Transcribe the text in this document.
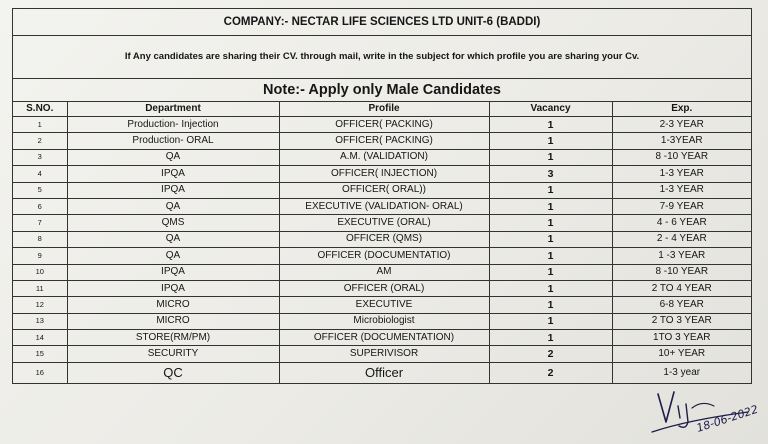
COMPANY:- NECTAR LIFE SCIENCES LTD UNIT-6 (BADDI)
If Any candidates are sharing their CV. through mail, write in the subject for which profile you are sharing your Cv.
Note:- Apply only Male Candidates
S.NO.	Department	Profile	Vacancy	Exp.
1	Production- Injection	OFFICER( PACKING)	1	2-3 YEAR
2	Production- ORAL	OFFICER( PACKING)	1	1-3YEAR
3	QA	A.M. (VALIDATION)	1	8 -10 YEAR
4	IPQA	OFFICER( INJECTION)	3	1-3 YEAR
5	IPQA	OFFICER( ORAL))	1	1-3 YEAR
6	QA	EXECUTIVE (VALIDATION- ORAL)	1	7-9 YEAR
7	QMS	EXECUTIVE (ORAL)	1	4 - 6 YEAR
8	QA	OFFICER (QMS)	1	2 - 4 YEAR
9	QA	OFFICER (DOCUMENTATIO)	1	1 -3 YEAR
10	IPQA	AM	1	8 -10 YEAR
11	IPQA	OFFICER (ORAL)	1	2 TO 4 YEAR
12	MICRO	EXECUTIVE	1	6-8 YEAR
13	MICRO	Microbiologist	1	2 TO 3 YEAR
14	STORE(RM/PM)	OFFICER (DOCUMENTATION)	1	1TO 3 YEAR
15	SECURITY	SUPERIVISOR	2	10+ YEAR
16	QC	Officer	2	1-3 year
18-06-2022
